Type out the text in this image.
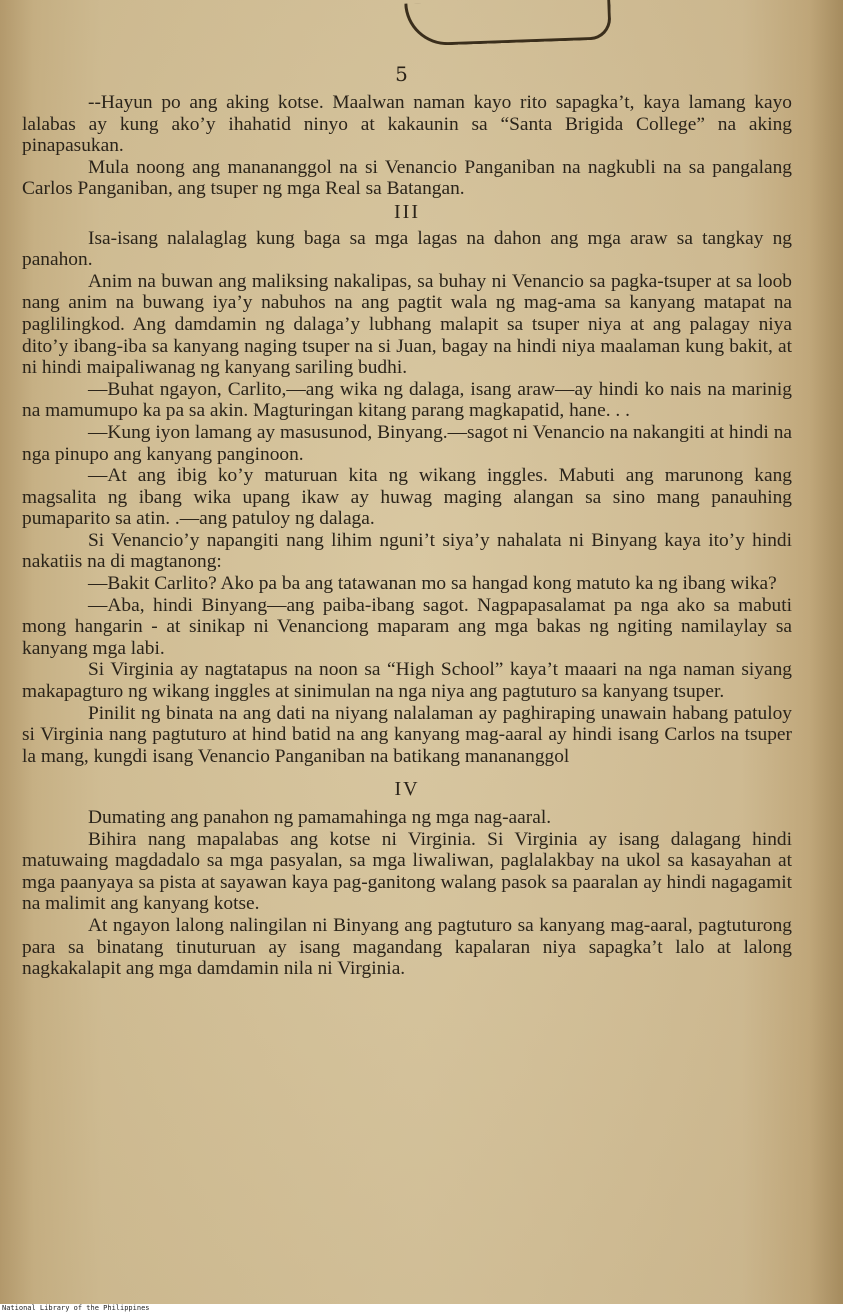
5

--Hayun po ang aking kotse. Maalwan naman kayo rito sapagka’t, kaya lamang kayo lalabas ay kung ako’y ihahatid ninyo at kakaunin sa “Santa Brigida College” na aking pinapasukan.

Mula noong ang manananggol na si Venancio Panganiban na nagkubli na sa pangalang Carlos Panganiban, ang tsuper ng mga Real sa Batangan.

III

Isa-isang nalalaglag kung baga sa mga lagas na dahon ang mga araw sa tangkay ng panahon.

Anim na buwan ang maliksing nakalipas, sa buhay ni Venancio sa pagka-tsuper at sa loob nang anim na buwang iya’y nabuhos na ang pagtit wala ng mag-ama sa kanyang matapat na paglilingkod. Ang damdamin ng dalaga’y lubhang malapit sa tsuper niya at ang palagay niya dito’y ibang-iba sa kanyang naging tsuper na si Juan, bagay na hindi niya maalaman kung bakit, at ni hindi maipaliwanag ng kanyang sariling budhi.

—Buhat ngayon, Carlito,—ang wika ng dalaga, isang araw—ay hindi ko nais na marinig na mamumupo ka pa sa akin. Magturingan kitang parang magkapatid, hane. . .

—Kung iyon lamang ay masusunod, Binyang.—sagot ni Venancio na nakangiti at hindi na nga pinupo ang kanyang panginoon.

—At ang ibig ko’y maturuan kita ng wikang inggles. Mabuti ang marunong kang magsalita ng ibang wika upang ikaw ay huwag maging alangan sa sino mang panauhing pumaparito sa atin. .—ang patuloy ng dalaga.

Si Venancio’y napangiti nang lihim nguni’t siya’y nahalata ni Binyang kaya ito’y hindi nakatiis na di magtanong:

—Bakit Carlito? Ako pa ba ang tatawanan mo sa hangad kong matuto ka ng ibang wika?

—Aba, hindi Binyang—ang paiba-ibang sagot. Nagpapasalamat pa nga ako sa mabuti mong hangarin - at sinikap ni Venanciong maparam ang mga bakas ng ngiting namilaylay sa kanyang mga labi.

Si Virginia ay nagtatapus na noon sa “High School” kaya’t maaari na nga naman siyang makapagturo ng wikang inggles at sinimulan na nga niya ang pagtuturo sa kanyang tsuper.

Pinilit ng binata na ang dati na niyang nalalaman ay paghiraping unawain habang patuloy si Virginia nang pagtuturo at hind batid na ang kanyang mag-aaral ay hindi isang Carlos na tsuper la mang, kungdi isang Venancio Panganiban na batikang manananggol

IV

Dumating ang panahon ng pamamahinga ng mga nag-aaral.

Bihira nang mapalabas ang kotse ni Virginia. Si Virginia ay isang dalagang hindi matuwaing magdadalo sa mga pasyalan, sa mga liwaliwan, paglalakbay na ukol sa kasayahan at mga paanyaya sa pista at sayawan kaya pag-ganitong walang pasok sa paaralan ay hindi nagagamit na malimit ang kanyang kotse.

At ngayon lalong nalingilan ni Binyang ang pagtuturo sa kanyang mag-aaral, pagtuturong para sa binatang tinuturuan ay isang magandang kapalaran niya sapagka’t lalo at lalong nagkakalapit ang mga damdamin nila ni Virginia.

National Library of the Philippines
